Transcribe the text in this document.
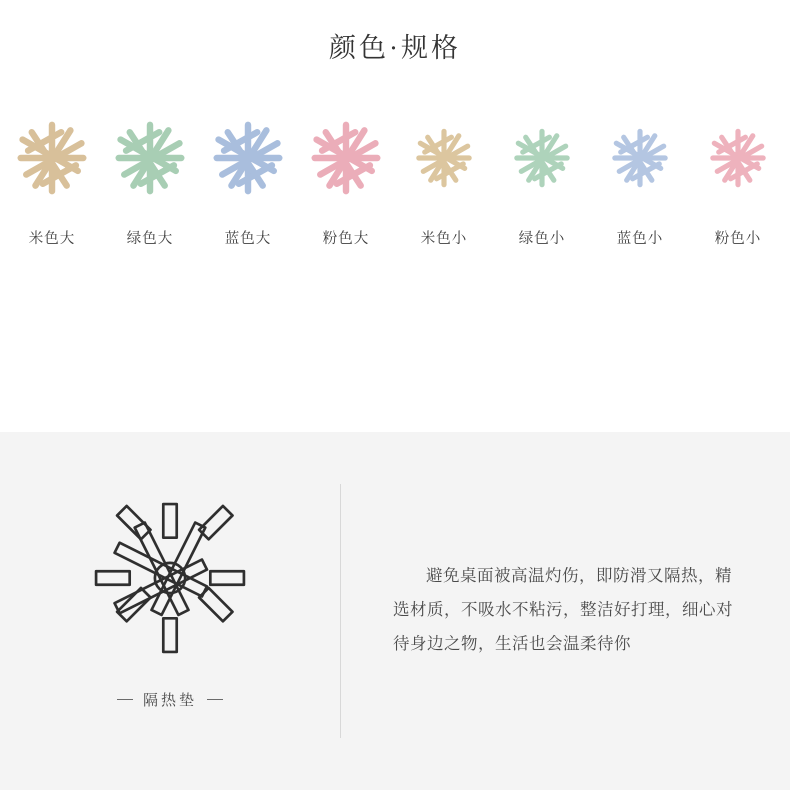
颜色·规格
米色大	绿色大	蓝色大	粉色大	米色小	绿色小	蓝色小	粉色小
隔热垫
避免桌面被高温灼伤，即防滑又隔热，精选材质，不吸水不粘污，整洁好打理，细心对待身边之物，生活也会温柔待你
